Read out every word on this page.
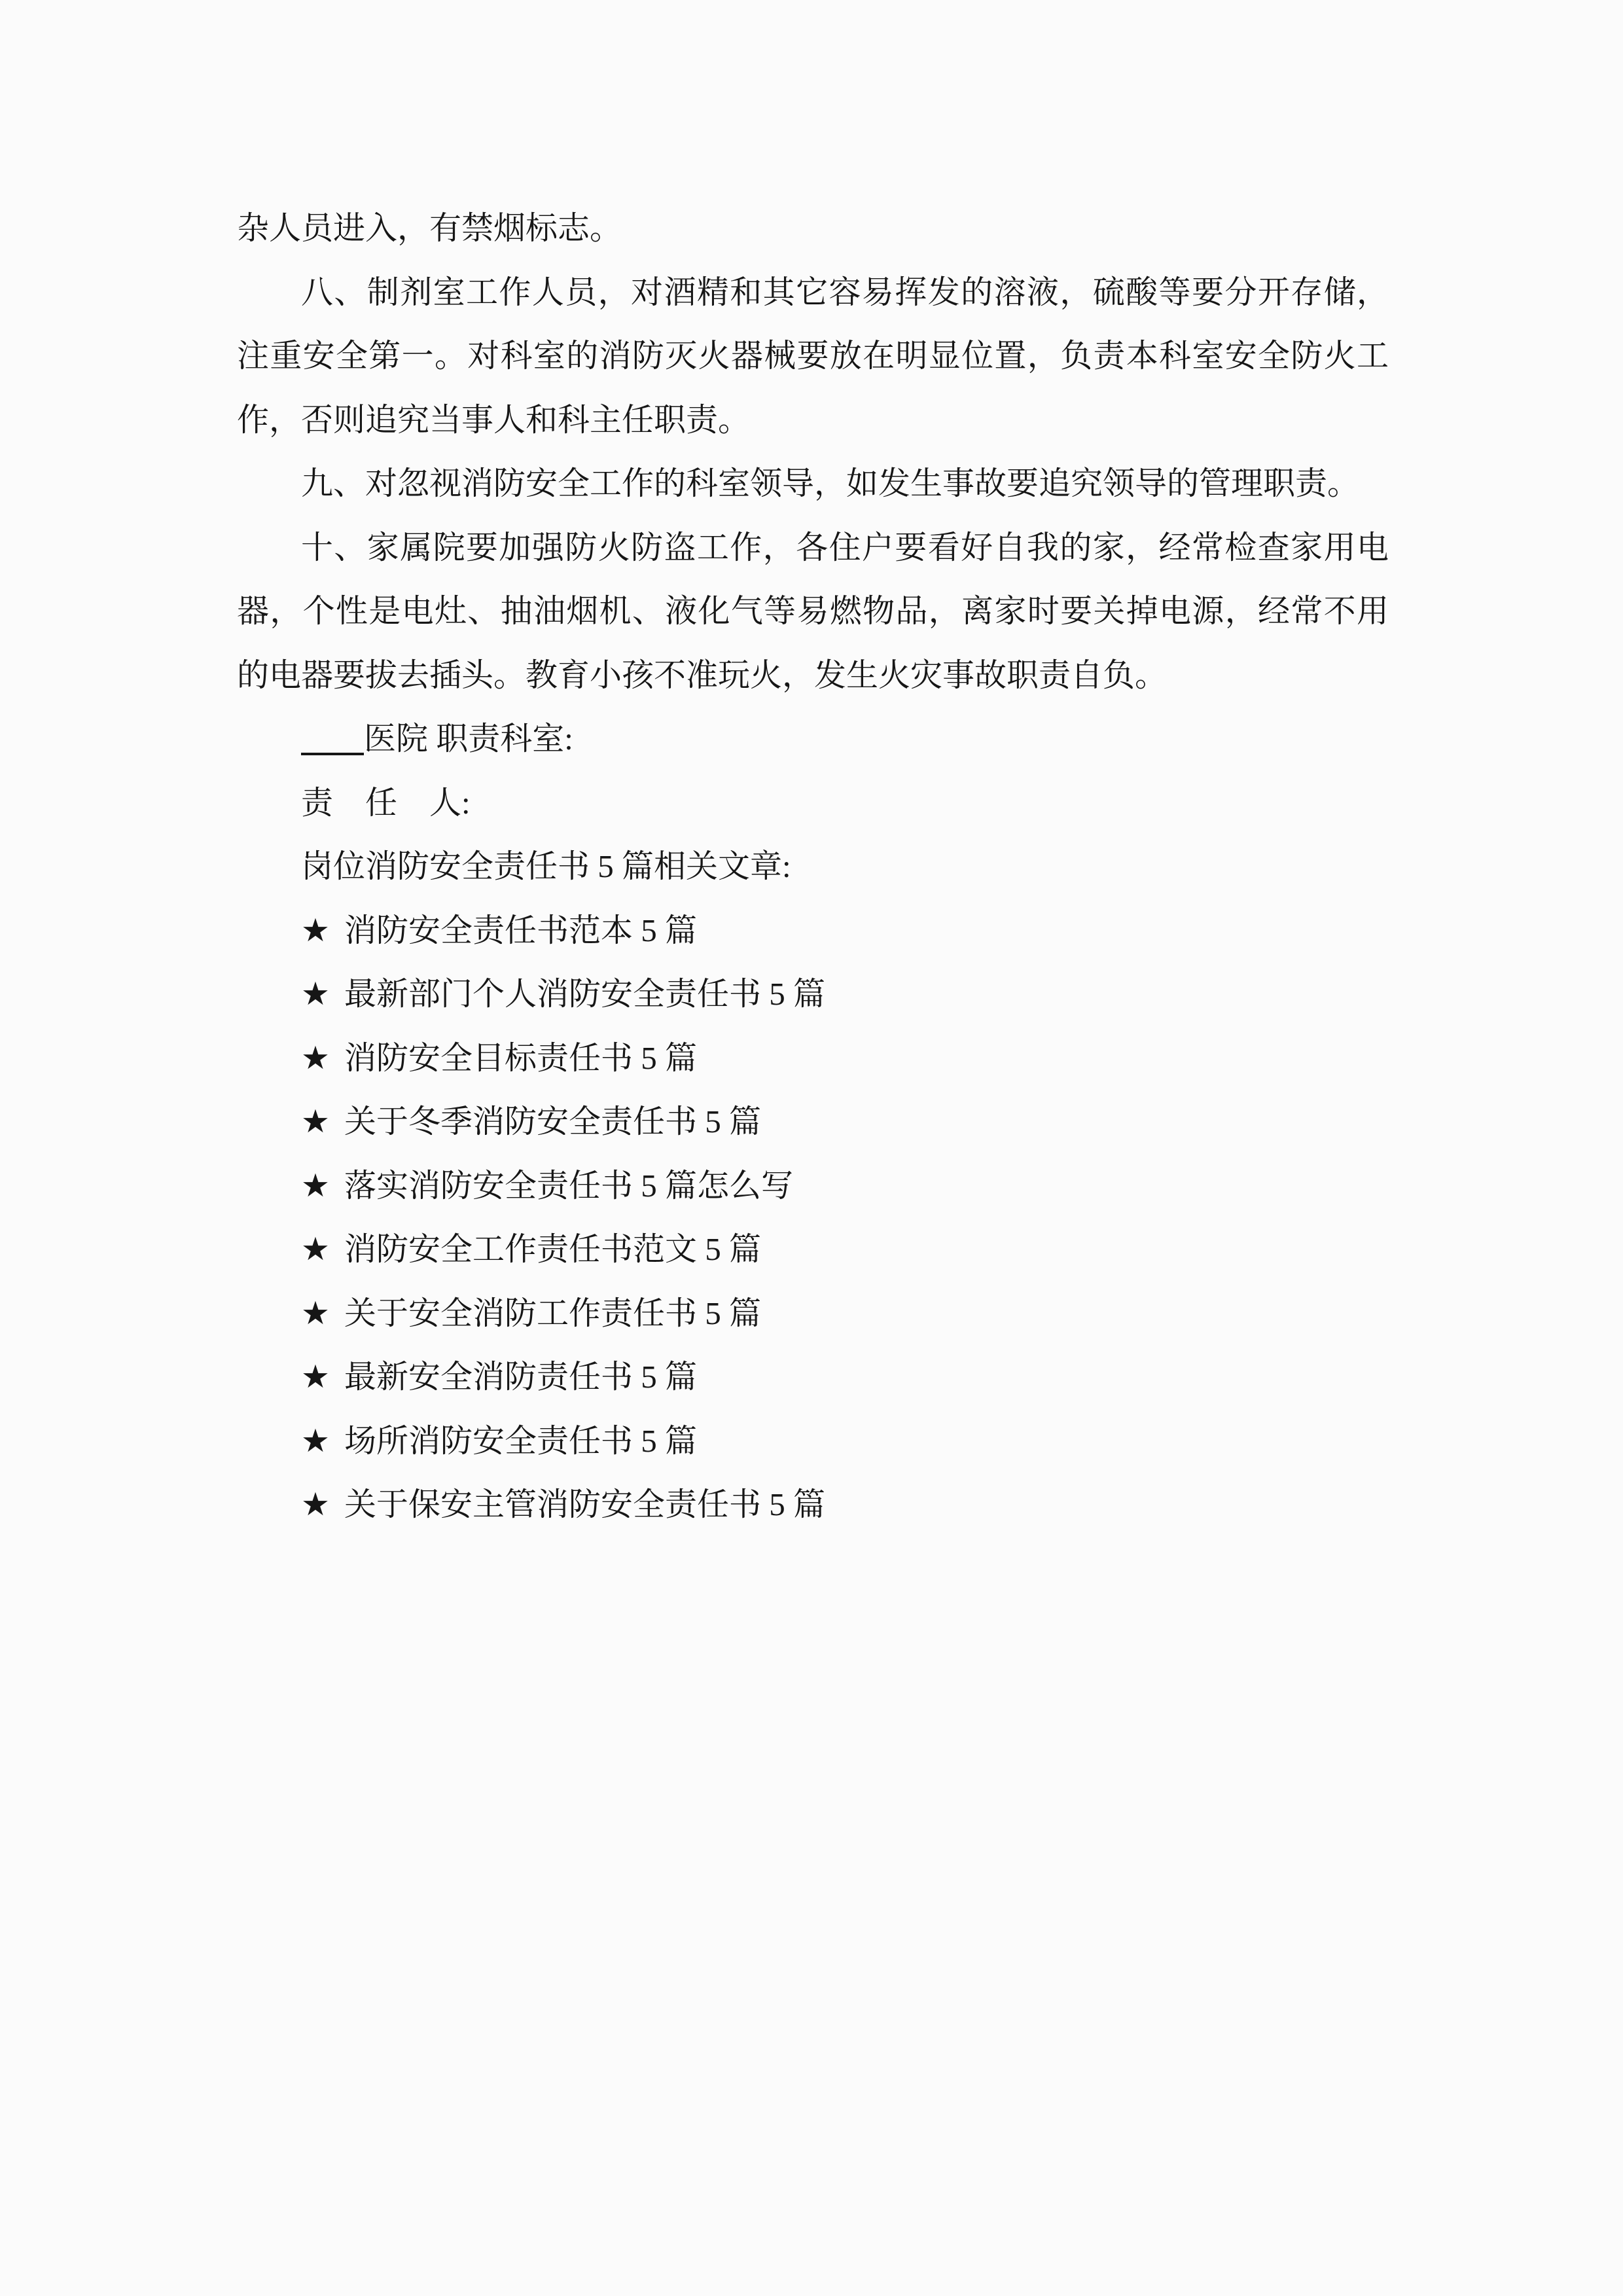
杂人员进入，有禁烟标志。
八、制剂室工作人员，对酒精和其它容易挥发的溶液，硫酸等要分开存储，
注重安全第一。对科室的消防灭火器械要放在明显位置，负责本科室安全防火工
作，否则追究当事人和科主任职责。
九、对忽视消防安全工作的科室领导，如发生事故要追究领导的管理职责。
十、家属院要加强防火防盗工作，各住户要看好自我的家，经常检查家用电
器，个性是电灶、抽油烟机、液化气等易燃物品，离家时要关掉电源，经常不用
的电器要拔去插头。教育小孩不准玩火，发生火灾事故职责自负。
医院 职责科室:
责　任　人:
岗位消防安全责任书 5 篇相关文章:
★ 消防安全责任书范本 5 篇
★ 最新部门个人消防安全责任书 5 篇
★ 消防安全目标责任书 5 篇
★ 关于冬季消防安全责任书 5 篇
★ 落实消防安全责任书 5 篇怎么写
★ 消防安全工作责任书范文 5 篇
★ 关于安全消防工作责任书 5 篇
★ 最新安全消防责任书 5 篇
★ 场所消防安全责任书 5 篇
★ 关于保安主管消防安全责任书 5 篇
